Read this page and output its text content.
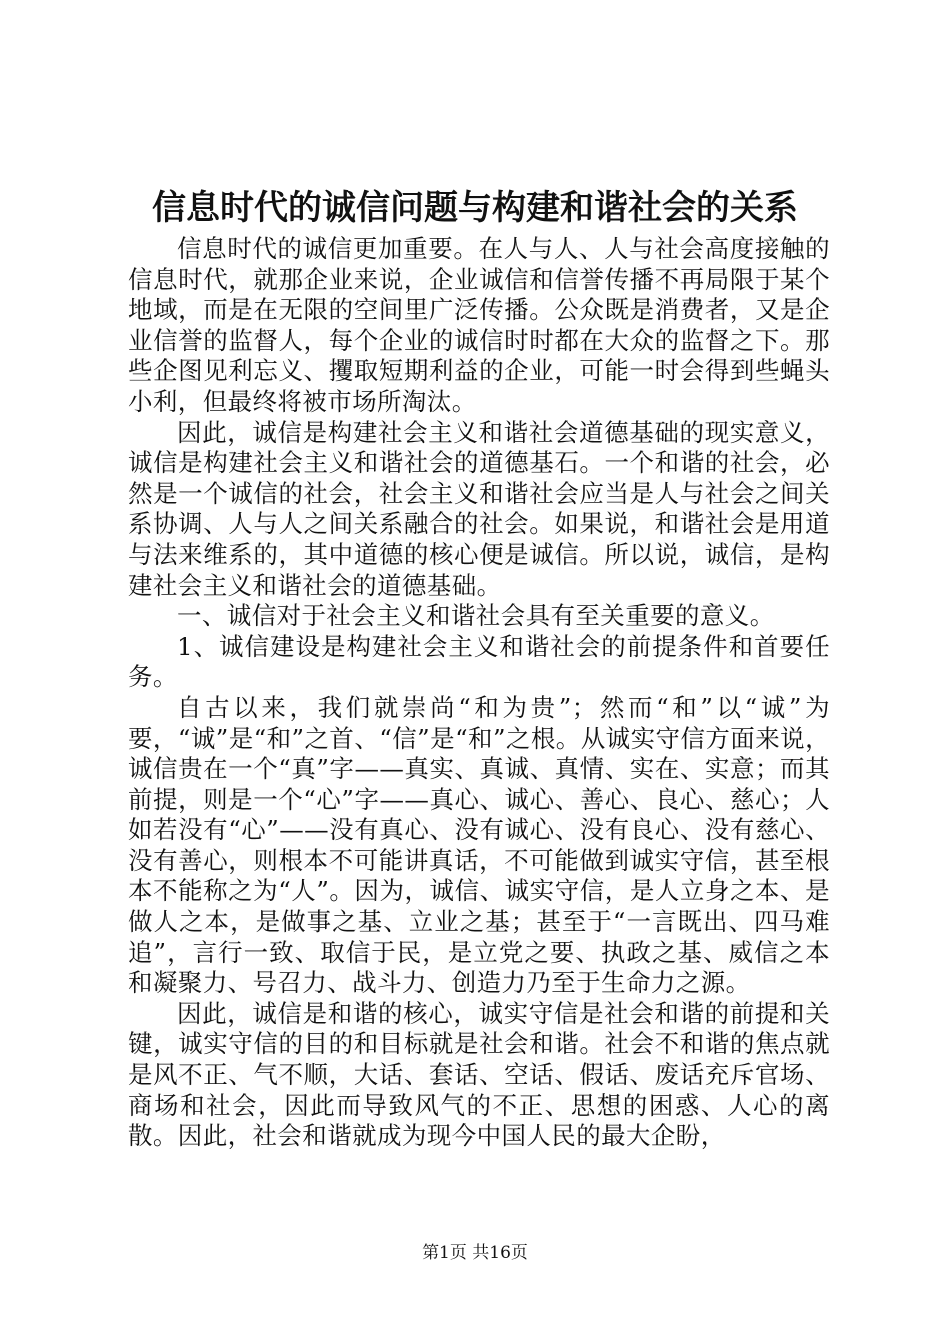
信息时代的诚信问题与构建和谐社会的关系

信息时代的诚信更加重要。在人与人、人与社会高度接触的信息时代，就那企业来说，企业诚信和信誉传播不再局限于某个地域，而是在无限的空间里广泛传播。公众既是消费者，又是企业信誉的监督人，每个企业的诚信时时都在大众的监督之下。那些企图见利忘义、攫取短期利益的企业，可能一时会得到些蝇头小利，但最终将被市场所淘汰。

因此，诚信是构建社会主义和谐社会道德基础的现实意义，诚信是构建社会主义和谐社会的道德基石。一个和谐的社会，必然是一个诚信的社会，社会主义和谐社会应当是人与社会之间关系协调、人与人之间关系融合的社会。如果说，和谐社会是用道与法来维系的，其中道德的核心便是诚信。所以说，诚信，是构建社会主义和谐社会的道德基础。

一、诚信对于社会主义和谐社会具有至关重要的意义。

1、诚信建设是构建社会主义和谐社会的前提条件和首要任务。

自古以来，我们就崇尚“和为贵”；然而“和”以“诚”为要，“诚”是“和”之首、“信”是“和”之根。从诚实守信方面来说，诚信贵在一个“真”字——真实、真诚、真情、实在、实意；而其前提，则是一个“心”字——真心、诚心、善心、良心、慈心；人如若没有“心”——没有真心、没有诚心、没有良心、没有慈心、没有善心，则根本不可能讲真话，不可能做到诚实守信，甚至根本不能称之为“人”。因为，诚信、诚实守信，是人立身之本、是做人之本，是做事之基、立业之基；甚至于“一言既出、四马难追”，言行一致、取信于民，是立党之要、执政之基、威信之本和凝聚力、号召力、战斗力、创造力乃至于生命力之源。

因此，诚信是和谐的核心，诚实守信是社会和谐的前提和关键，诚实守信的目的和目标就是社会和谐。社会不和谐的焦点就是风不正、气不顺，大话、套话、空话、假话、废话充斥官场、商场和社会，因此而导致风气的不正、思想的困惑、人心的离散。因此，社会和谐就成为现今中国人民的最大企盼，

第1页 共16页
